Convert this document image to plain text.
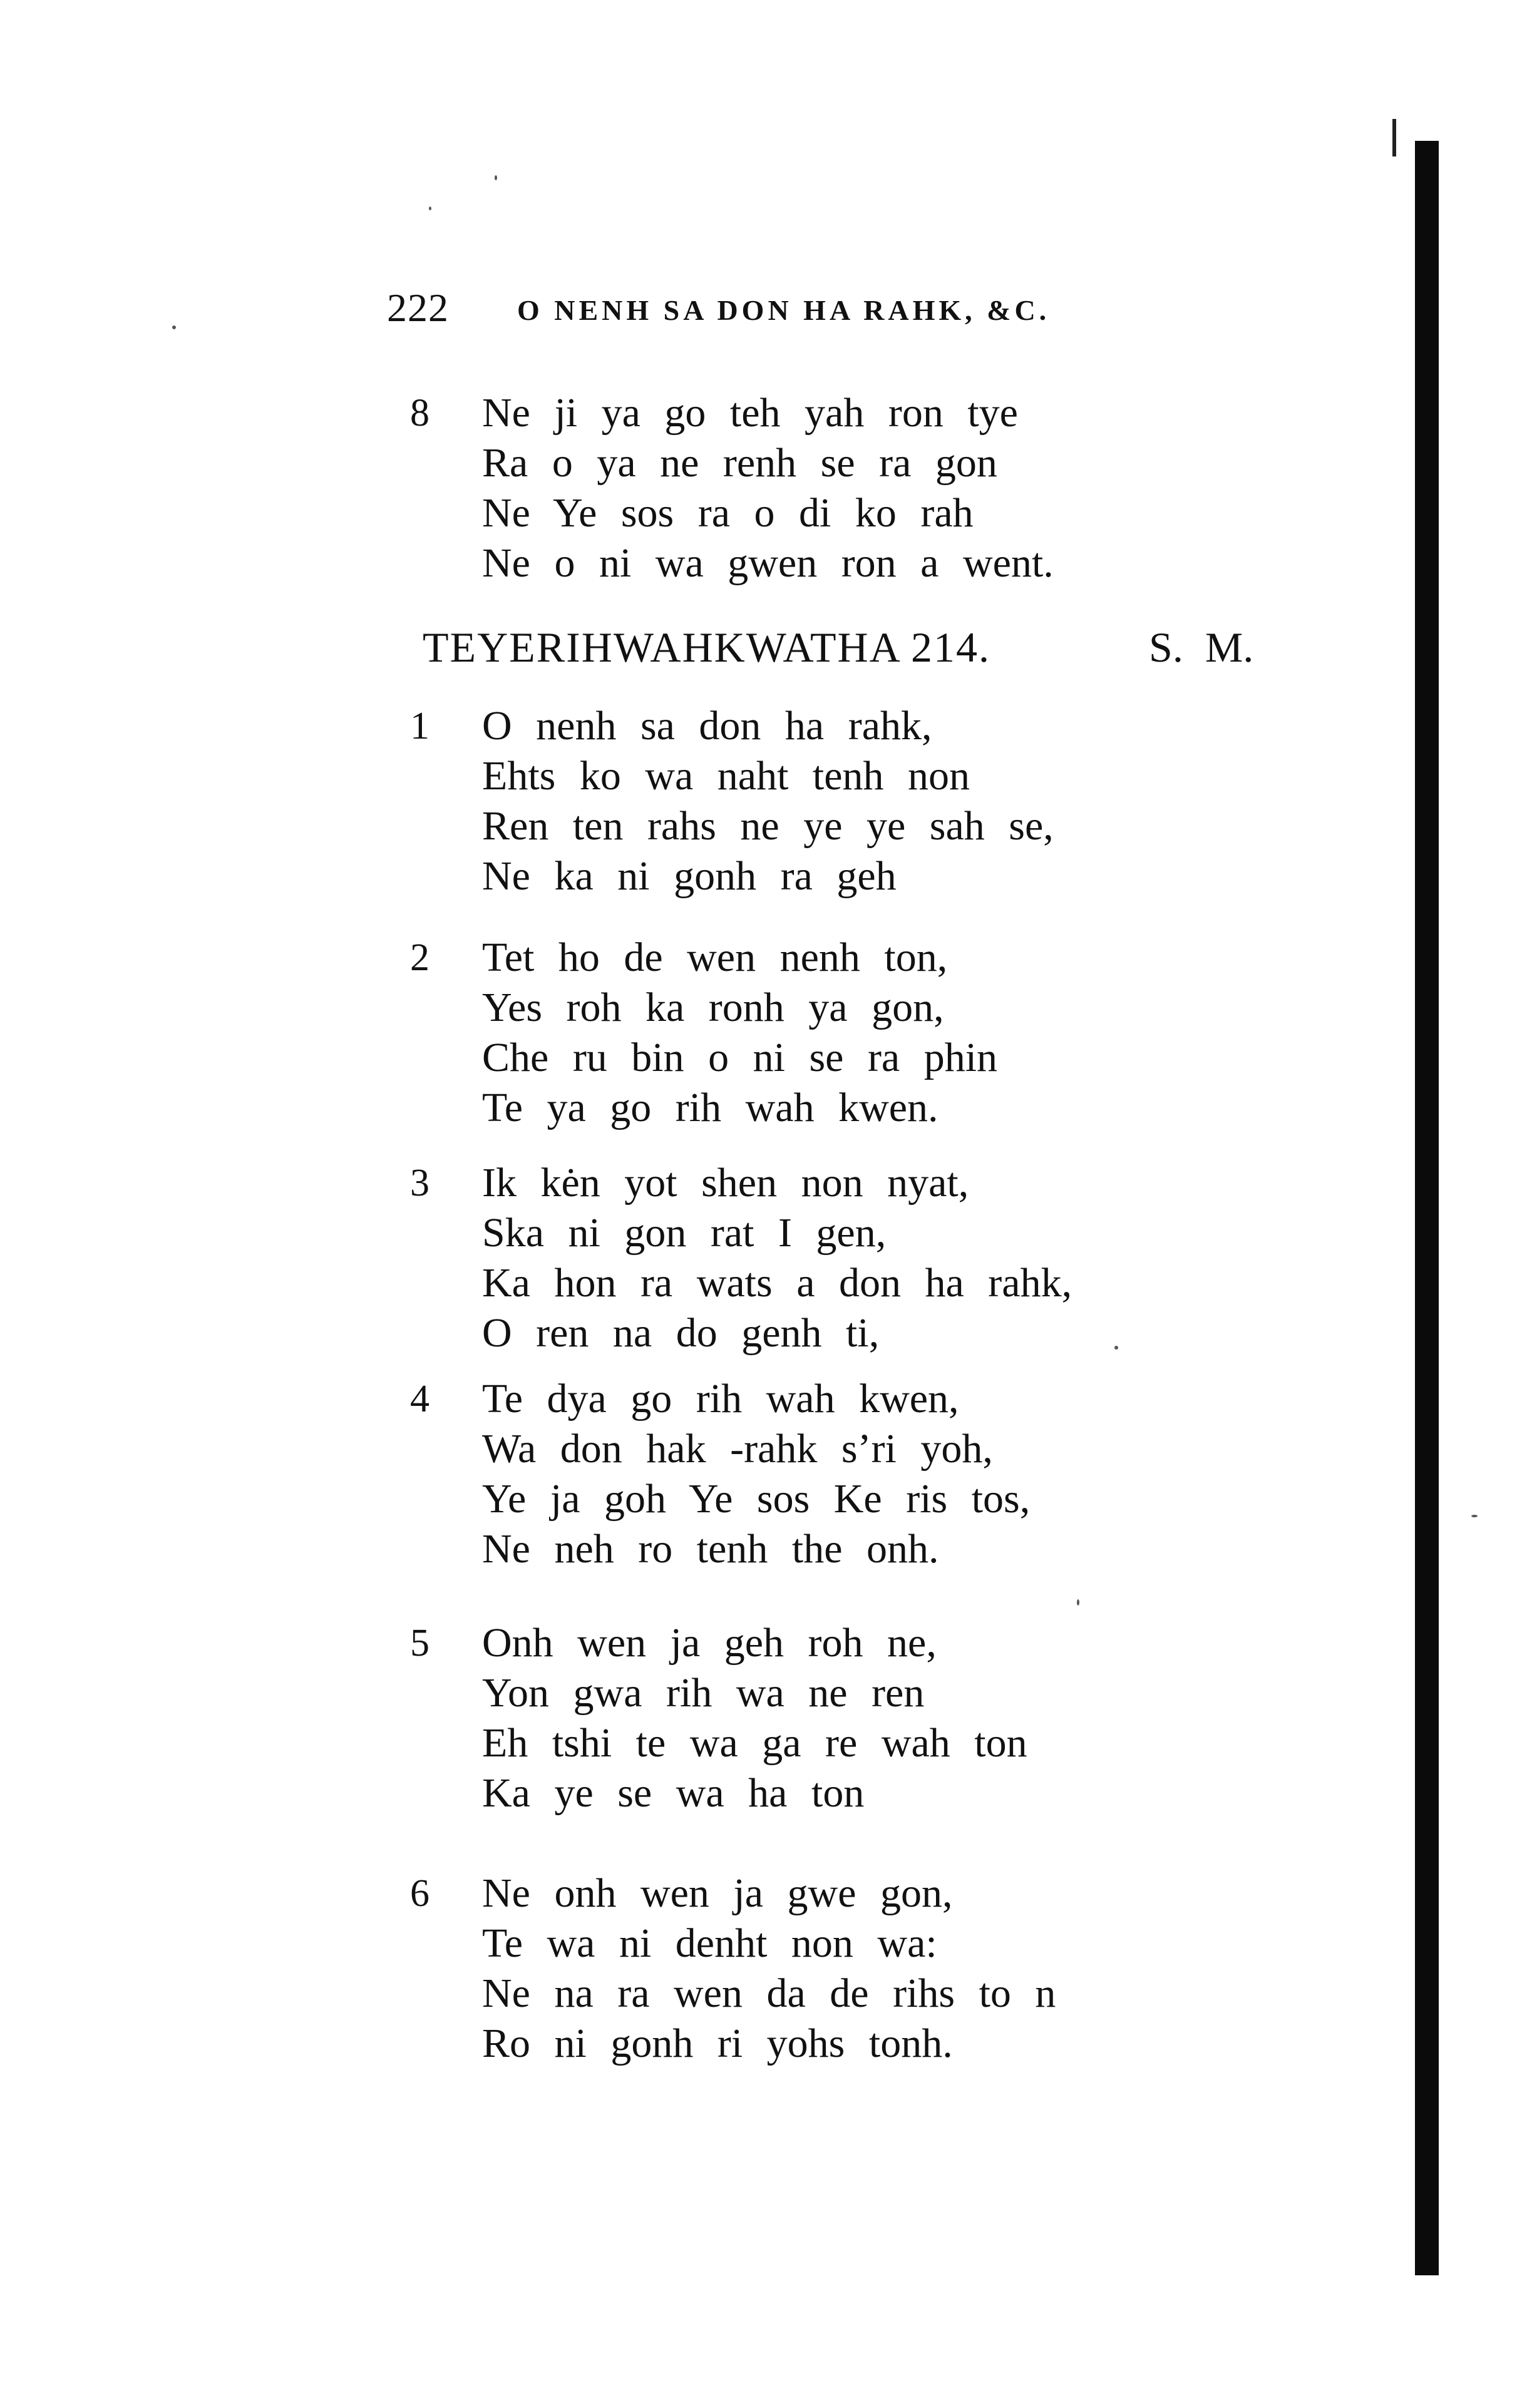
222 O NENH SA DON HA RAHK, &C.
8 Ne ji ya go teh yah ron tye
Ra o ya ne renh se ra gon
Ne Ye sos ra o di ko rah
Ne o ni wa gwen ron a went.
TEYERIHWAHKWATHA 214.	S. M.
1 O nenh sa don ha rahk,
Ehts ko wa naht tenh non
Ren ten rahs ne ye ye sah se,
Ne ka ni gonh ra geh
2 Tet ho de wen nenh ton,
Yes roh ka ronh ya gon,
Che ru bin o ni se ra phin
Te ya go rih wah kwen.
3 Ik kėn yot shen non nyat,
Ska ni gon rat I gen,
Ka hon ra wats a don ha rahk,
O ren na do genh ti,
4 Te dya go rih wah kwen,
Wa don hak -rahk s’ri yoh,
Ye ja goh Ye sos Ke ris tos,
Ne neh ro tenh the onh.
5 Onh wen ja geh roh ne,
Yon gwa rih wa ne ren
Eh tshi te wa ga re wah ton
Ka ye se wa ha ton
6 Ne onh wen ja gwe gon,
Te wa ni denht non wa:
Ne na ra wen da de rihs to n
Ro ni gonh ri yohs tonh.
